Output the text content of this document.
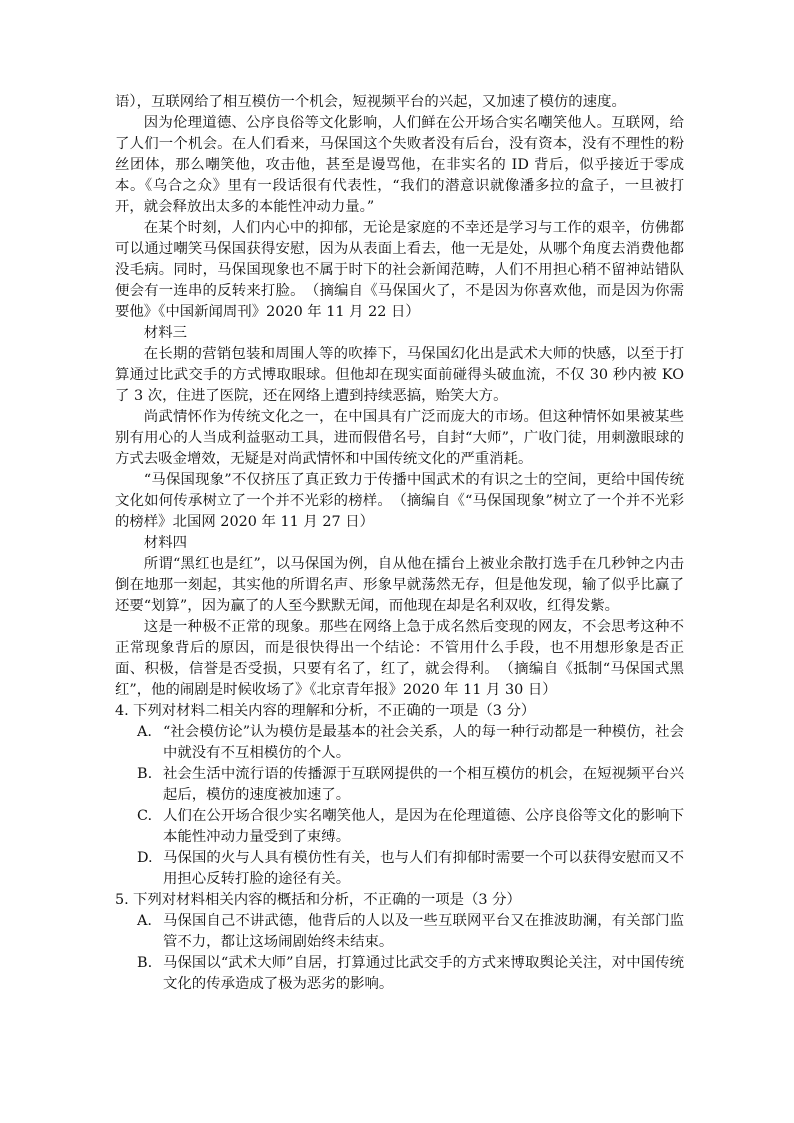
语），互联网给了相互模仿一个机会，短视频平台的兴起，又加速了模仿的速度。

因为伦理道德、公序良俗等文化影响，人们鲜在公开场合实名嘲笑他人。互联网，给了人们一个机会。在人们看来，马保国这个失败者没有后台，没有资本，没有不理性的粉丝团体，那么嘲笑他，攻击他，甚至是谩骂他，在非实名的 ID 背后，似乎接近于零成本。《乌合之众》里有一段话很有代表性，“我们的潜意识就像潘多拉的盒子，一旦被打开，就会释放出太多的本能性冲动力量。”

在某个时刻，人们内心中的抑郁，无论是家庭的不幸还是学习与工作的艰辛，仿佛都可以通过嘲笑马保国获得安慰，因为从表面上看去，他一无是处，从哪个角度去消费他都没毛病。同时，马保国现象也不属于时下的社会新闻范畴，人们不用担心稍不留神站错队便会有一连串的反转来打脸。　（摘编自《马保国火了，不是因为你喜欢他，而是因为你需要他》《中国新闻周刊》2020 年 11 月 22 日）

材料三

在长期的营销包装和周围人等的吹捧下，马保国幻化出是武术大师的快感，以至于打算通过比武交手的方式博取眼球。但他却在现实面前碰得头破血流，不仅 30 秒内被 KO 了 3 次，住进了医院，还在网络上遭到持续恶搞，贻笑大方。

尚武情怀作为传统文化之一，在中国具有广泛而庞大的市场。但这种情怀如果被某些别有用心的人当成利益驱动工具，进而假借名号，自封“大师”，广收门徒，用刺激眼球的方式去吸金增效，无疑是对尚武情怀和中国传统文化的严重消耗。

“马保国现象”不仅挤压了真正致力于传播中国武术的有识之士的空间，更给中国传统文化如何传承树立了一个并不光彩的榜样。　（摘编自《“马保国现象”树立了一个并不光彩的榜样》北国网 2020 年 11 月 27 日）

材料四

所谓“黑红也是红”，以马保国为例，自从他在擂台上被业余散打选手在几秒钟之内击倒在地那一刻起，其实他的所谓名声、形象早就荡然无存，但是他发现，输了似乎比赢了还要“划算”，因为赢了的人至今默默无闻，而他现在却是名利双收，红得发紫。

这是一种极不正常的现象。那些在网络上急于成名然后变现的网友，不会思考这种不正常现象背后的原因，而是很快得出一个结论：不管用什么手段，也不用想形象是否正面、积极，信誉是否受损，只要有名了，红了，就会得利。　（摘编自《抵制“马保国式黑红”，他的闹剧是时候收场了》《北京青年报》2020 年 11 月 30 日）

4. 下列对材料二相关内容的理解和分析，不正确的一项是（3 分）
A. “社会模仿论”认为模仿是最基本的社会关系，人的每一种行动都是一种模仿，社会中就没有不互相模仿的个人。
B. 社会生活中流行语的传播源于互联网提供的一个相互模仿的机会，在短视频平台兴起后，模仿的速度被加速了。
C. 人们在公开场合很少实名嘲笑他人，是因为在伦理道德、公序良俗等文化的影响下本能性冲动力量受到了束缚。
D. 马保国的火与人具有模仿性有关，也与人们有抑郁时需要一个可以获得安慰而又不用担心反转打脸的途径有关。
5. 下列对材料相关内容的概括和分析，不正确的一项是（3 分）
A. 马保国自己不讲武德，他背后的人以及一些互联网平台又在推波助澜，有关部门监管不力，都让这场闹剧始终未结束。
B. 马保国以“武术大师”自居，打算通过比武交手的方式来博取舆论关注，对中国传统文化的传承造成了极为恶劣的影响。
